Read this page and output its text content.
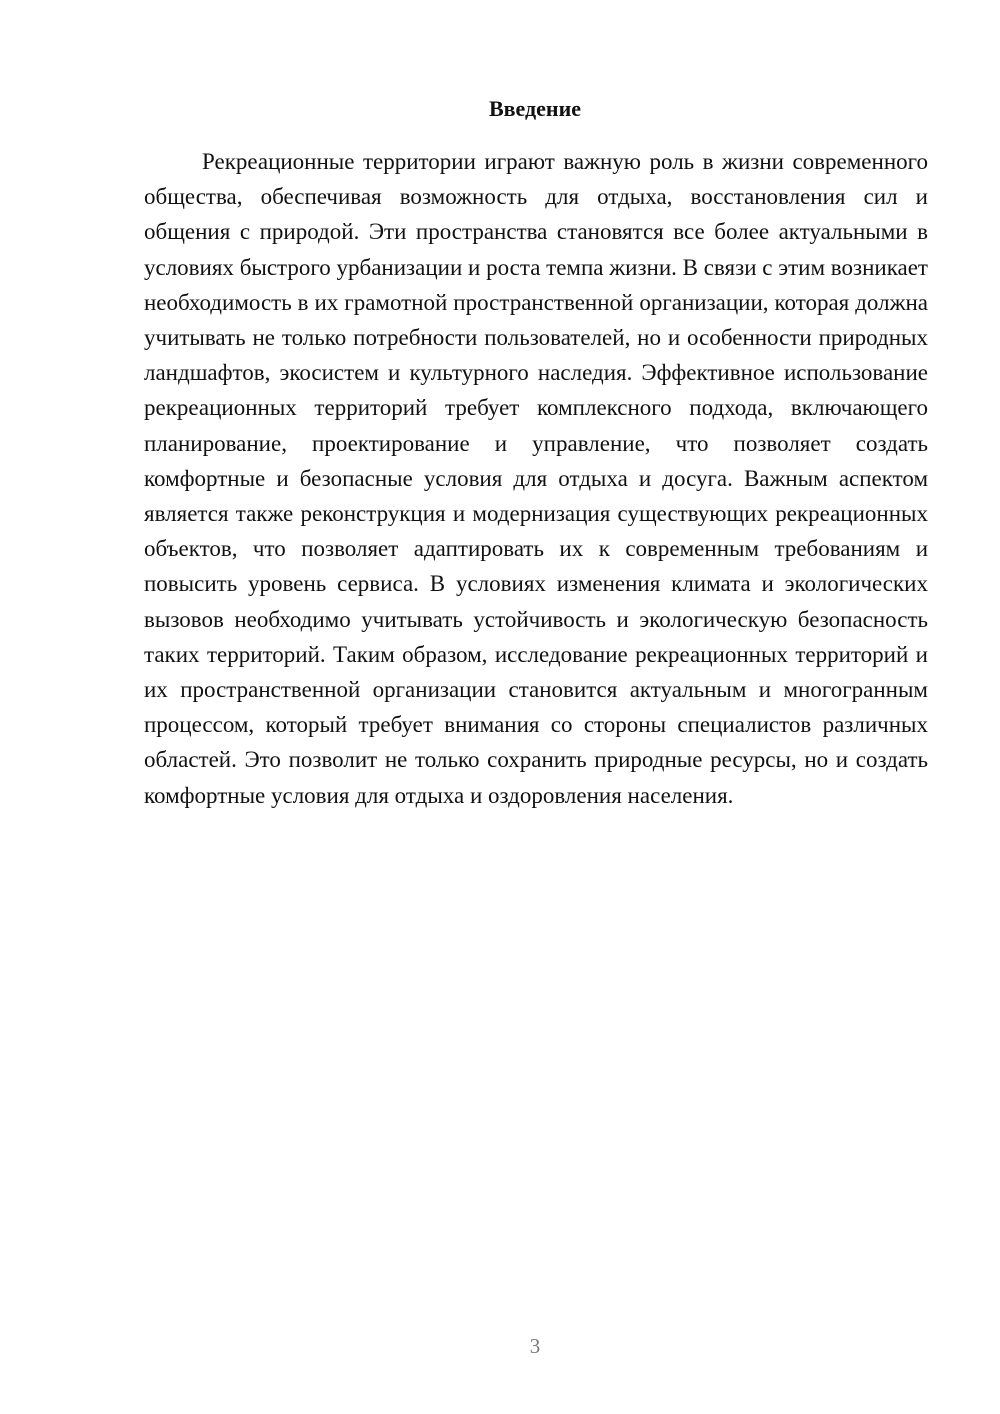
Введение

Рекреационные территории играют важную роль в жизни современного общества, обеспечивая возможность для отдыха, восстановления сил и общения с природой. Эти пространства становятся все более актуальными в условиях быстрого урбанизации и роста темпа жизни. В связи с этим возникает необходимость в их грамотной пространственной организации, которая должна учитывать не только потребности пользователей, но и особенности природных ландшафтов, экосистем и культурного наследия. Эффективное использование рекреационных территорий требует комплексного подхода, включающего планирование, проектирование и управление, что позволяет создать комфортные и безопасные условия для отдыха и досуга. Важным аспектом является также реконструкция и модернизация существующих рекреационных объектов, что позволяет адаптировать их к современным требованиям и повысить уровень сервиса. В условиях изменения климата и экологических вызовов необходимо учитывать устойчивость и экологическую безопасность таких территорий. Таким образом, исследование рекреационных территорий и их пространственной организации становится актуальным и многогранным процессом, который требует внимания со стороны специалистов различных областей. Это позволит не только сохранить природные ресурсы, но и создать комфортные условия для отдыха и оздоровления населения.

3
